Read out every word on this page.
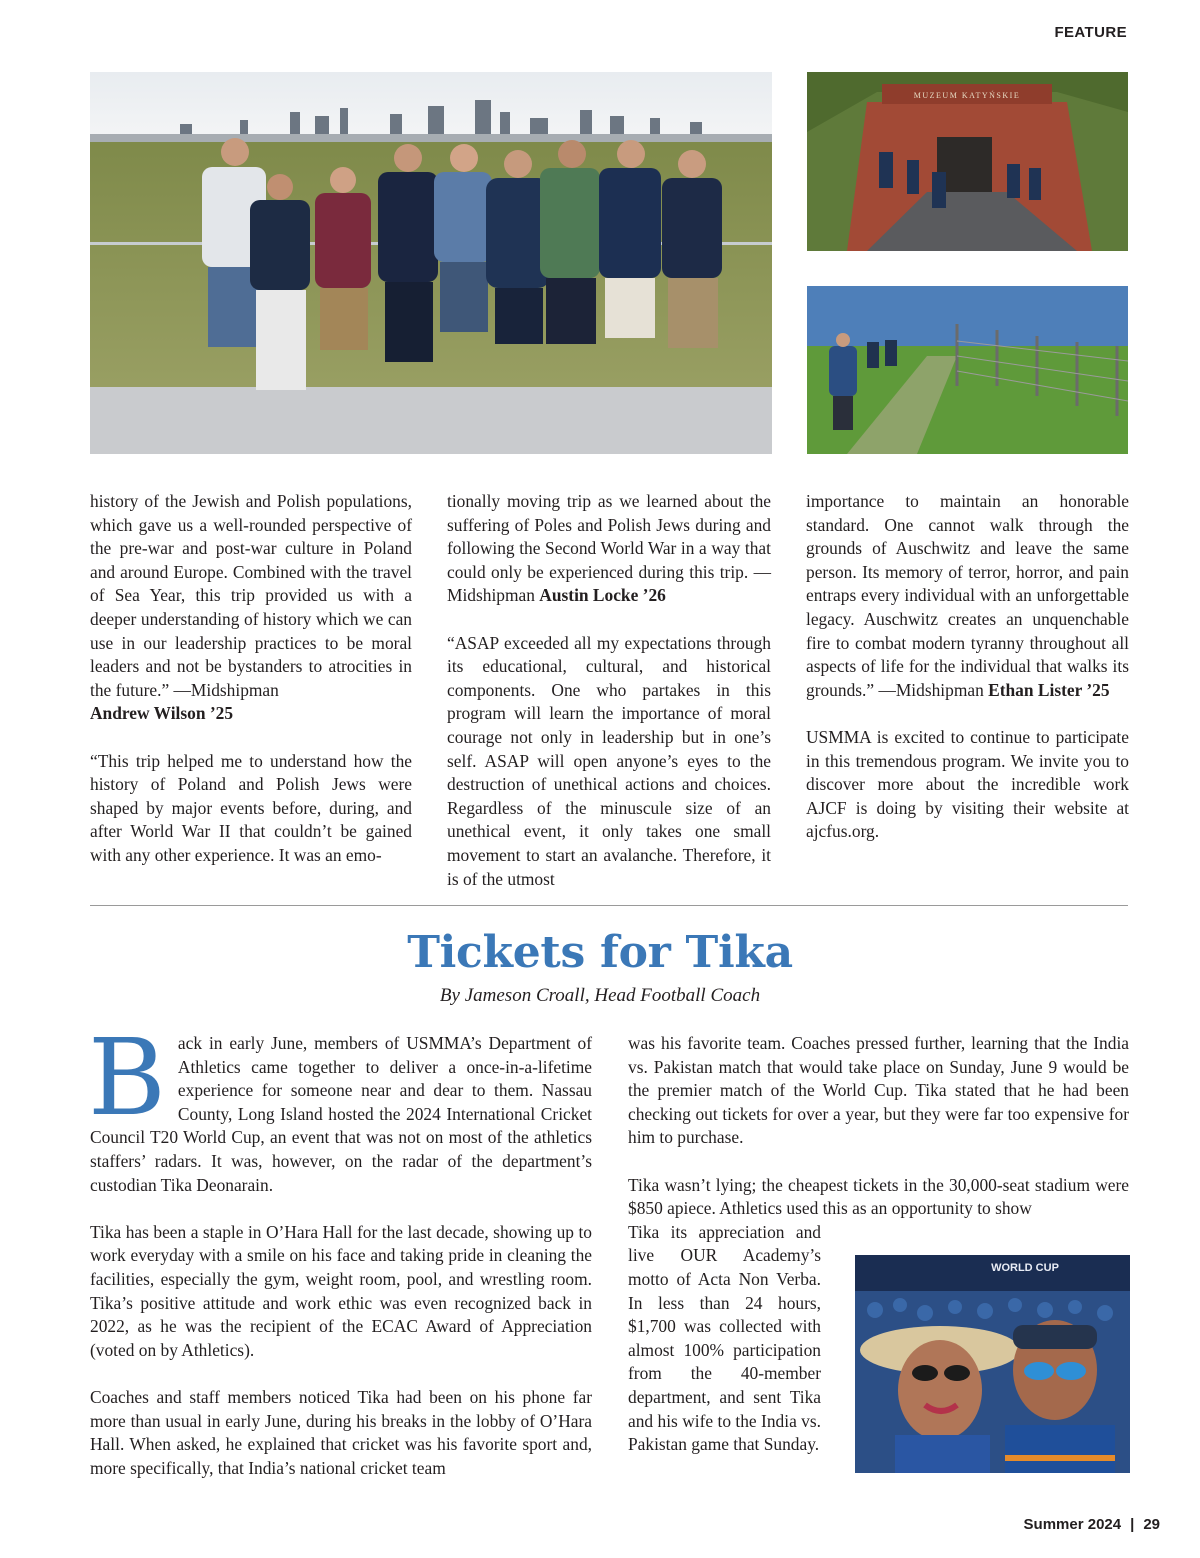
FEATURE
MUZEUM KATYŃSKIE

history of the Jewish and Polish populations, which gave us a well-rounded perspective of the pre-war and post-war culture in Poland and around Europe. Combined with the travel of Sea Year, this trip provided us with a deeper understanding of history which we can use in our leadership practices to be moral leaders and not be bystanders to atrocities in the future.” —Midshipman
Andrew Wilson ’25

“This trip helped me to understand how the history of Poland and Polish Jews were shaped by major events before, during, and after World War II that couldn’t be gained with any other experience. It was an emo-

tionally moving trip as we learned about the suffering of Poles and Polish Jews during and following the Second World War in a way that could only be experienced during this trip. —Midshipman Austin Locke ’26

“ASAP exceeded all my expectations through its educational, cultural, and historical components. One who partakes in this program will learn the importance of moral courage not only in leadership but in one’s self. ASAP will open anyone’s eyes to the destruction of unethical actions and choices. Regardless of the minuscule size of an unethical event, it only takes one small movement to start an avalanche. Therefore, it is of the utmost

importance to maintain an honorable standard. One cannot walk through the grounds of Auschwitz and leave the same person. Its memory of terror, horror, and pain entraps every individual with an unforgettable legacy. Auschwitz creates an unquenchable fire to combat modern tyranny throughout all aspects of life for the individual that walks its grounds.” —Midshipman Ethan Lister ’25

USMMA is excited to continue to participate in this tremendous program. We invite you to discover more about the incredible work AJCF is doing by visiting their website at ajcfus.org.

Tickets for Tika
By Jameson Croall, Head Football Coach

Back in early June, members of USMMA’s Department of Athletics came together to deliver a once-in-a-lifetime experience for someone near and dear to them. Nassau County, Long Island hosted the 2024 International Cricket Council T20 World Cup, an event that was not on most of the athletics staffers’ radars. It was, however, on the radar of the department’s custodian Tika Deonarain.

Tika has been a staple in O’Hara Hall for the last decade, showing up to work everyday with a smile on his face and taking pride in cleaning the facilities, especially the gym, weight room, pool, and wrestling room. Tika’s positive attitude and work ethic was even recognized back in 2022, as he was the recipient of the ECAC Award of Appreciation (voted on by Athletics).

Coaches and staff members noticed Tika had been on his phone far more than usual in early June, during his breaks in the lobby of O’Hara Hall. When asked, he explained that cricket was his favorite sport and, more specifically, that India’s national cricket team

was his favorite team. Coaches pressed further, learning that the India vs. Pakistan match that would take place on Sunday, June 9 would be the premier match of the World Cup. Tika stated that he had been checking out tickets for over a year, but they were far too expensive for him to purchase.

Tika wasn’t lying; the cheapest tickets in the 30,000-seat stadium were $850 apiece. Athletics used this as an opportunity to show

Tika its appreciation and live OUR Academy’s motto of Acta Non Verba. In less than 24 hours, $1,700 was collected with almost 100% participation from the 40-member department, and sent Tika and his wife to the India vs. Pakistan game that Sunday.
WORLD CUP
Summer 2024 | 29
